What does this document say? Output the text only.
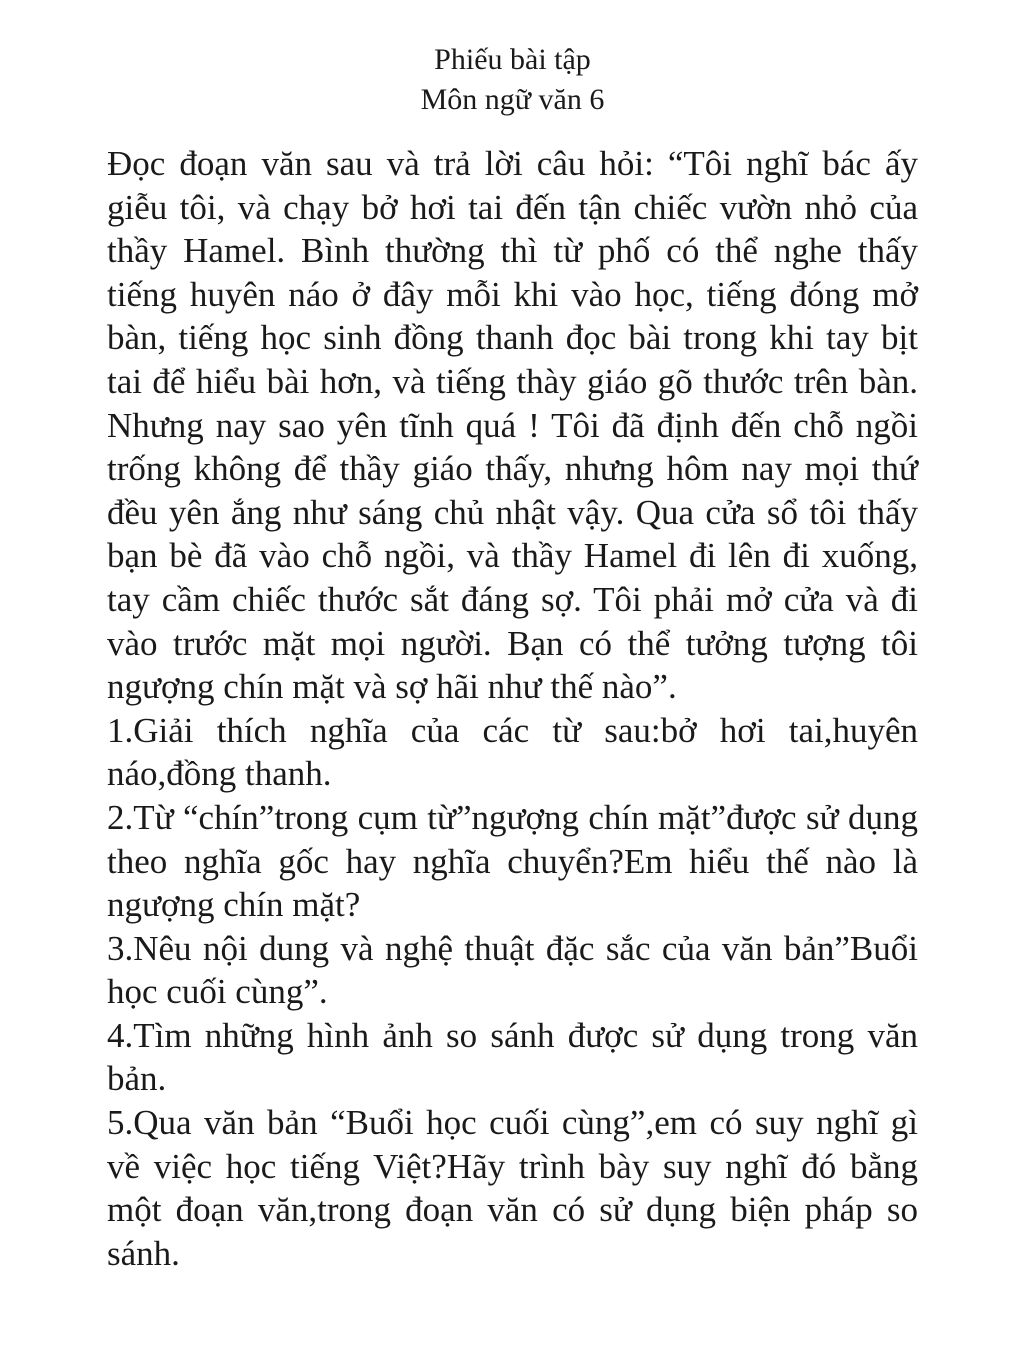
Phiếu bài tập
Môn ngữ văn 6

Đọc đoạn văn sau và trả lời câu hỏi: “Tôi nghĩ bác ấy giễu tôi, và chạy bở hơi tai đến tận chiếc vườn nhỏ của thầy Hamel. Bình thường thì từ phố có thể nghe thấy tiếng huyên náo ở đây mỗi khi vào học, tiếng đóng mở bàn, tiếng học sinh đồng thanh đọc bài trong khi tay bịt tai để hiểu bài hơn, và tiếng thày giáo gõ thước trên bàn. Nhưng nay sao yên tĩnh quá ! Tôi đã định đến chỗ ngồi trống không để thầy giáo thấy, nhưng hôm nay mọi thứ đều yên ắng như sáng chủ nhật vậy. Qua cửa sổ tôi thấy bạn bè đã vào chỗ ngồi, và thầy Hamel đi lên đi xuống, tay cầm chiếc thước sắt đáng sợ. Tôi phải mở cửa và đi vào trước mặt mọi người. Bạn có thể tưởng tượng tôi ngượng chín mặt và sợ hãi như thế nào”.

1.Giải thích nghĩa của các từ sau:bở hơi tai,huyên náo,đồng thanh.

2.Từ “chín”trong cụm từ”ngượng chín mặt”được sử dụng theo nghĩa gốc hay nghĩa chuyển?Em hiểu thế nào là ngượng chín mặt?

3.Nêu nội dung và nghệ thuật đặc sắc của văn bản”Buổi học cuối cùng”.

4.Tìm những hình ảnh so sánh được sử dụng trong văn bản.

5.Qua văn bản “Buổi học cuối cùng”,em có suy nghĩ gì về việc học tiếng Việt?Hãy trình bày suy nghĩ đó bằng một đoạn văn,trong đoạn văn có sử dụng biện pháp so sánh.
